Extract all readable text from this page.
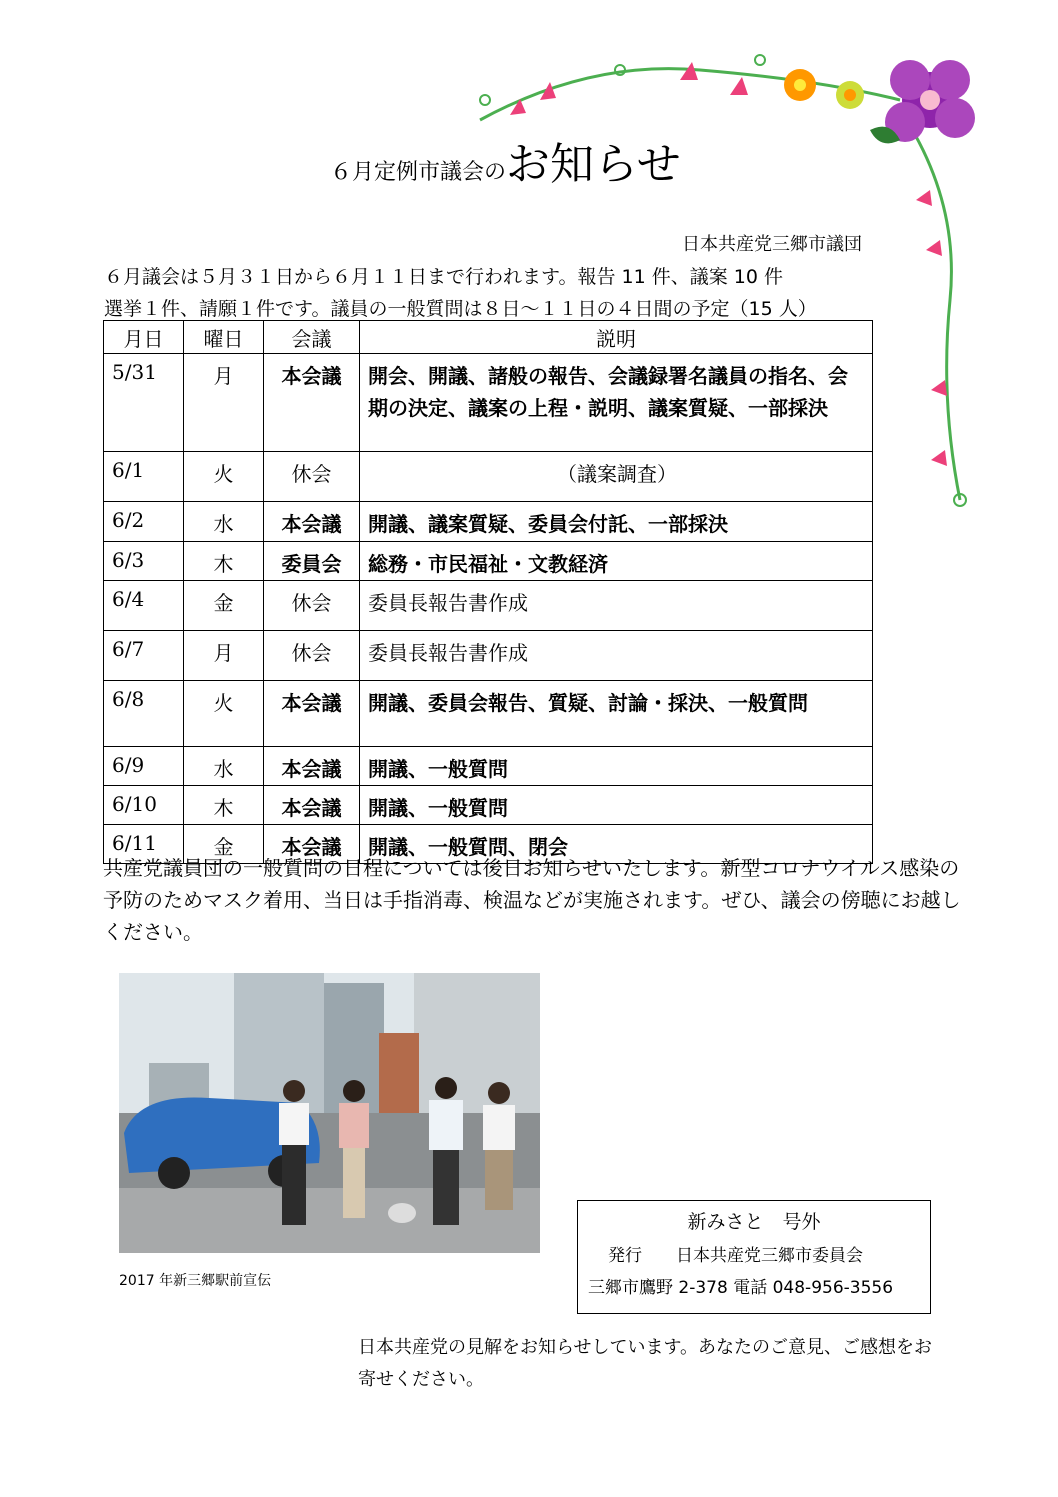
６月定例市議会のお知らせ
日本共産党三郷市議団
６月議会は５月３１日から６月１１日まで行われます。報告 11 件、議案 10 件
選挙１件、請願１件です。議員の一般質問は８日～１１日の４日間の予定（15 人）
月日	曜日	会議	説明
5/31	月	本会議	開会、開議、諸般の報告、会議録署名議員の指名、会期の決定、議案の上程・説明、議案質疑、一部採決
6/1	火	休会	（議案調査）
6/2	水	本会議	開議、議案質疑、委員会付託、一部採決
6/3	木	委員会	総務・市民福祉・文教経済
6/4	金	休会	委員長報告書作成
6/7	月	休会	委員長報告書作成
6/8	火	本会議	開議、委員会報告、質疑、討論・採決、一般質問
6/9	水	本会議	開議、一般質問
6/10	木	本会議	開議、一般質問
6/11	金	本会議	開議、一般質問、閉会
共産党議員団の一般質問の日程については後日お知らせいたします。新型コロナウイルス感染の予防のためマスク着用、当日は手指消毒、検温などが実施されます。ぜひ、議会の傍聴にお越しください。
2017 年新三郷駅前宣伝
新みさと　号外
発行 日本共産党三郷市委員会
三郷市鷹野 2-378 電話 048-956-3556
日本共産党の見解をお知らせしています。あなたのご意見、ご感想をお寄せください。
